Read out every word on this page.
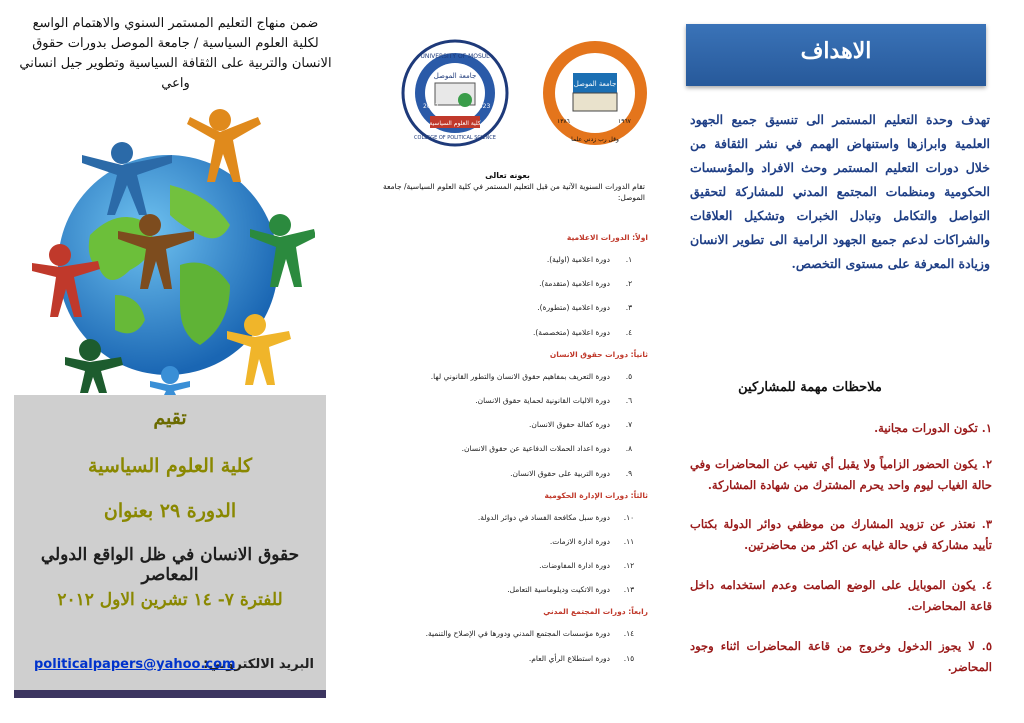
ضمن منهاج التعليم المستمر السنوي والاهتمام الواسع لكلية العلوم السياسية / جامعة الموصل بدورات حقوق الانسان والتربية على الثقافة السياسية وتطوير جيل انساني واعي
تقيم
كلية العلوم السياسية
الدورة ٢٩ بعنوان
حقوق الانسان في ظل الواقع الدولي المعاصر
للفترة ٧- ١٤ تشرين الاول ٢٠١٢
البريد الالكتروني:
politicalpapers@yahoo.com
UNIVERSITY OF MOSUL
جامعة الموصل
2002	1423
كلية العلوم السياسية
COLLEGE OF POLITICAL SCIENCE
جامعة الموصل
وقل رب زدني علما
١٣٨٦	١٩٦٧
بعونه تعالى
تقام الدورات السنوية الآتية من قبل التعليم المستمر في كلية العلوم السياسية/ جامعة الموصل:
اولاً: الدورات الاعلامية
١.
دورة اعلامية (اولية).
٢.
دورة اعلامية (متقدمة).
٣.
دورة اعلامية (متطورة).
٤.
دورة اعلامية (متخصصة).
ثانياً: دورات حقوق الانسان
٥.
دورة التعريف بمفاهيم حقوق الانسان والتطور القانوني لها.
٦.
دورة الاليات القانونية لحماية حقوق الانسان.
٧.
دورة كفالة حقوق الانسان.
٨.
دورة اعداد الحملات الدفاعية عن حقوق الانسان.
٩.
دورة التربية على حقوق الانسان.
ثالثاً: دورات الإدارة الحكومية
١٠.
دورة سبل مكافحة الفساد في دوائر الدولة.
١١.
دورة ادارة الازمات.
١٢.
دورة ادارة المفاوضات.
١٣.
دورة الاتكيت وديلوماسية التعامل.
رابعاً: دورات المجتمع المدني
١٤.
دورة مؤسسات المجتمع المدني ودورها في الإصلاح والتنمية.
١٥.
دورة استطلاع الرأي العام.
الاهداف
تهدف وحدة التعليم المستمر الى تنسيق جميع الجهود العلمية وابرازها واستنهاض الهمم في نشر الثقافة من خلال دورات التعليم المستمر وحث الافراد والمؤسسات الحكومية ومنظمات المجتمع المدني للمشاركة لتحقيق التواصل والتكامل وتبادل الخبرات وتشكيل العلاقات والشراكات لدعم جميع الجهود الرامية الى تطوير الانسان وزيادة المعرفة على مستوى التخصص.
ملاحظات مهمة للمشاركين
١. تكون الدورات مجانية.
٢. يكون الحضور الزامياً ولا يقبل أي تغيب عن المحاضرات وفي حالة الغياب ليوم واحد يحرم المشترك من شهادة المشاركة.
٣. نعتذر عن تزويد المشارك من موظفي دوائر الدولة بكتاب تأييد مشاركة في حالة غيابه عن اكثر من محاضرتين.
٤. يكون الموبايل على الوضع الصامت وعدم استخدامه داخل قاعة المحاضرات.
٥. لا يجوز الدخول وخروج من قاعة المحاضرات اثناء وجود المحاضر.
